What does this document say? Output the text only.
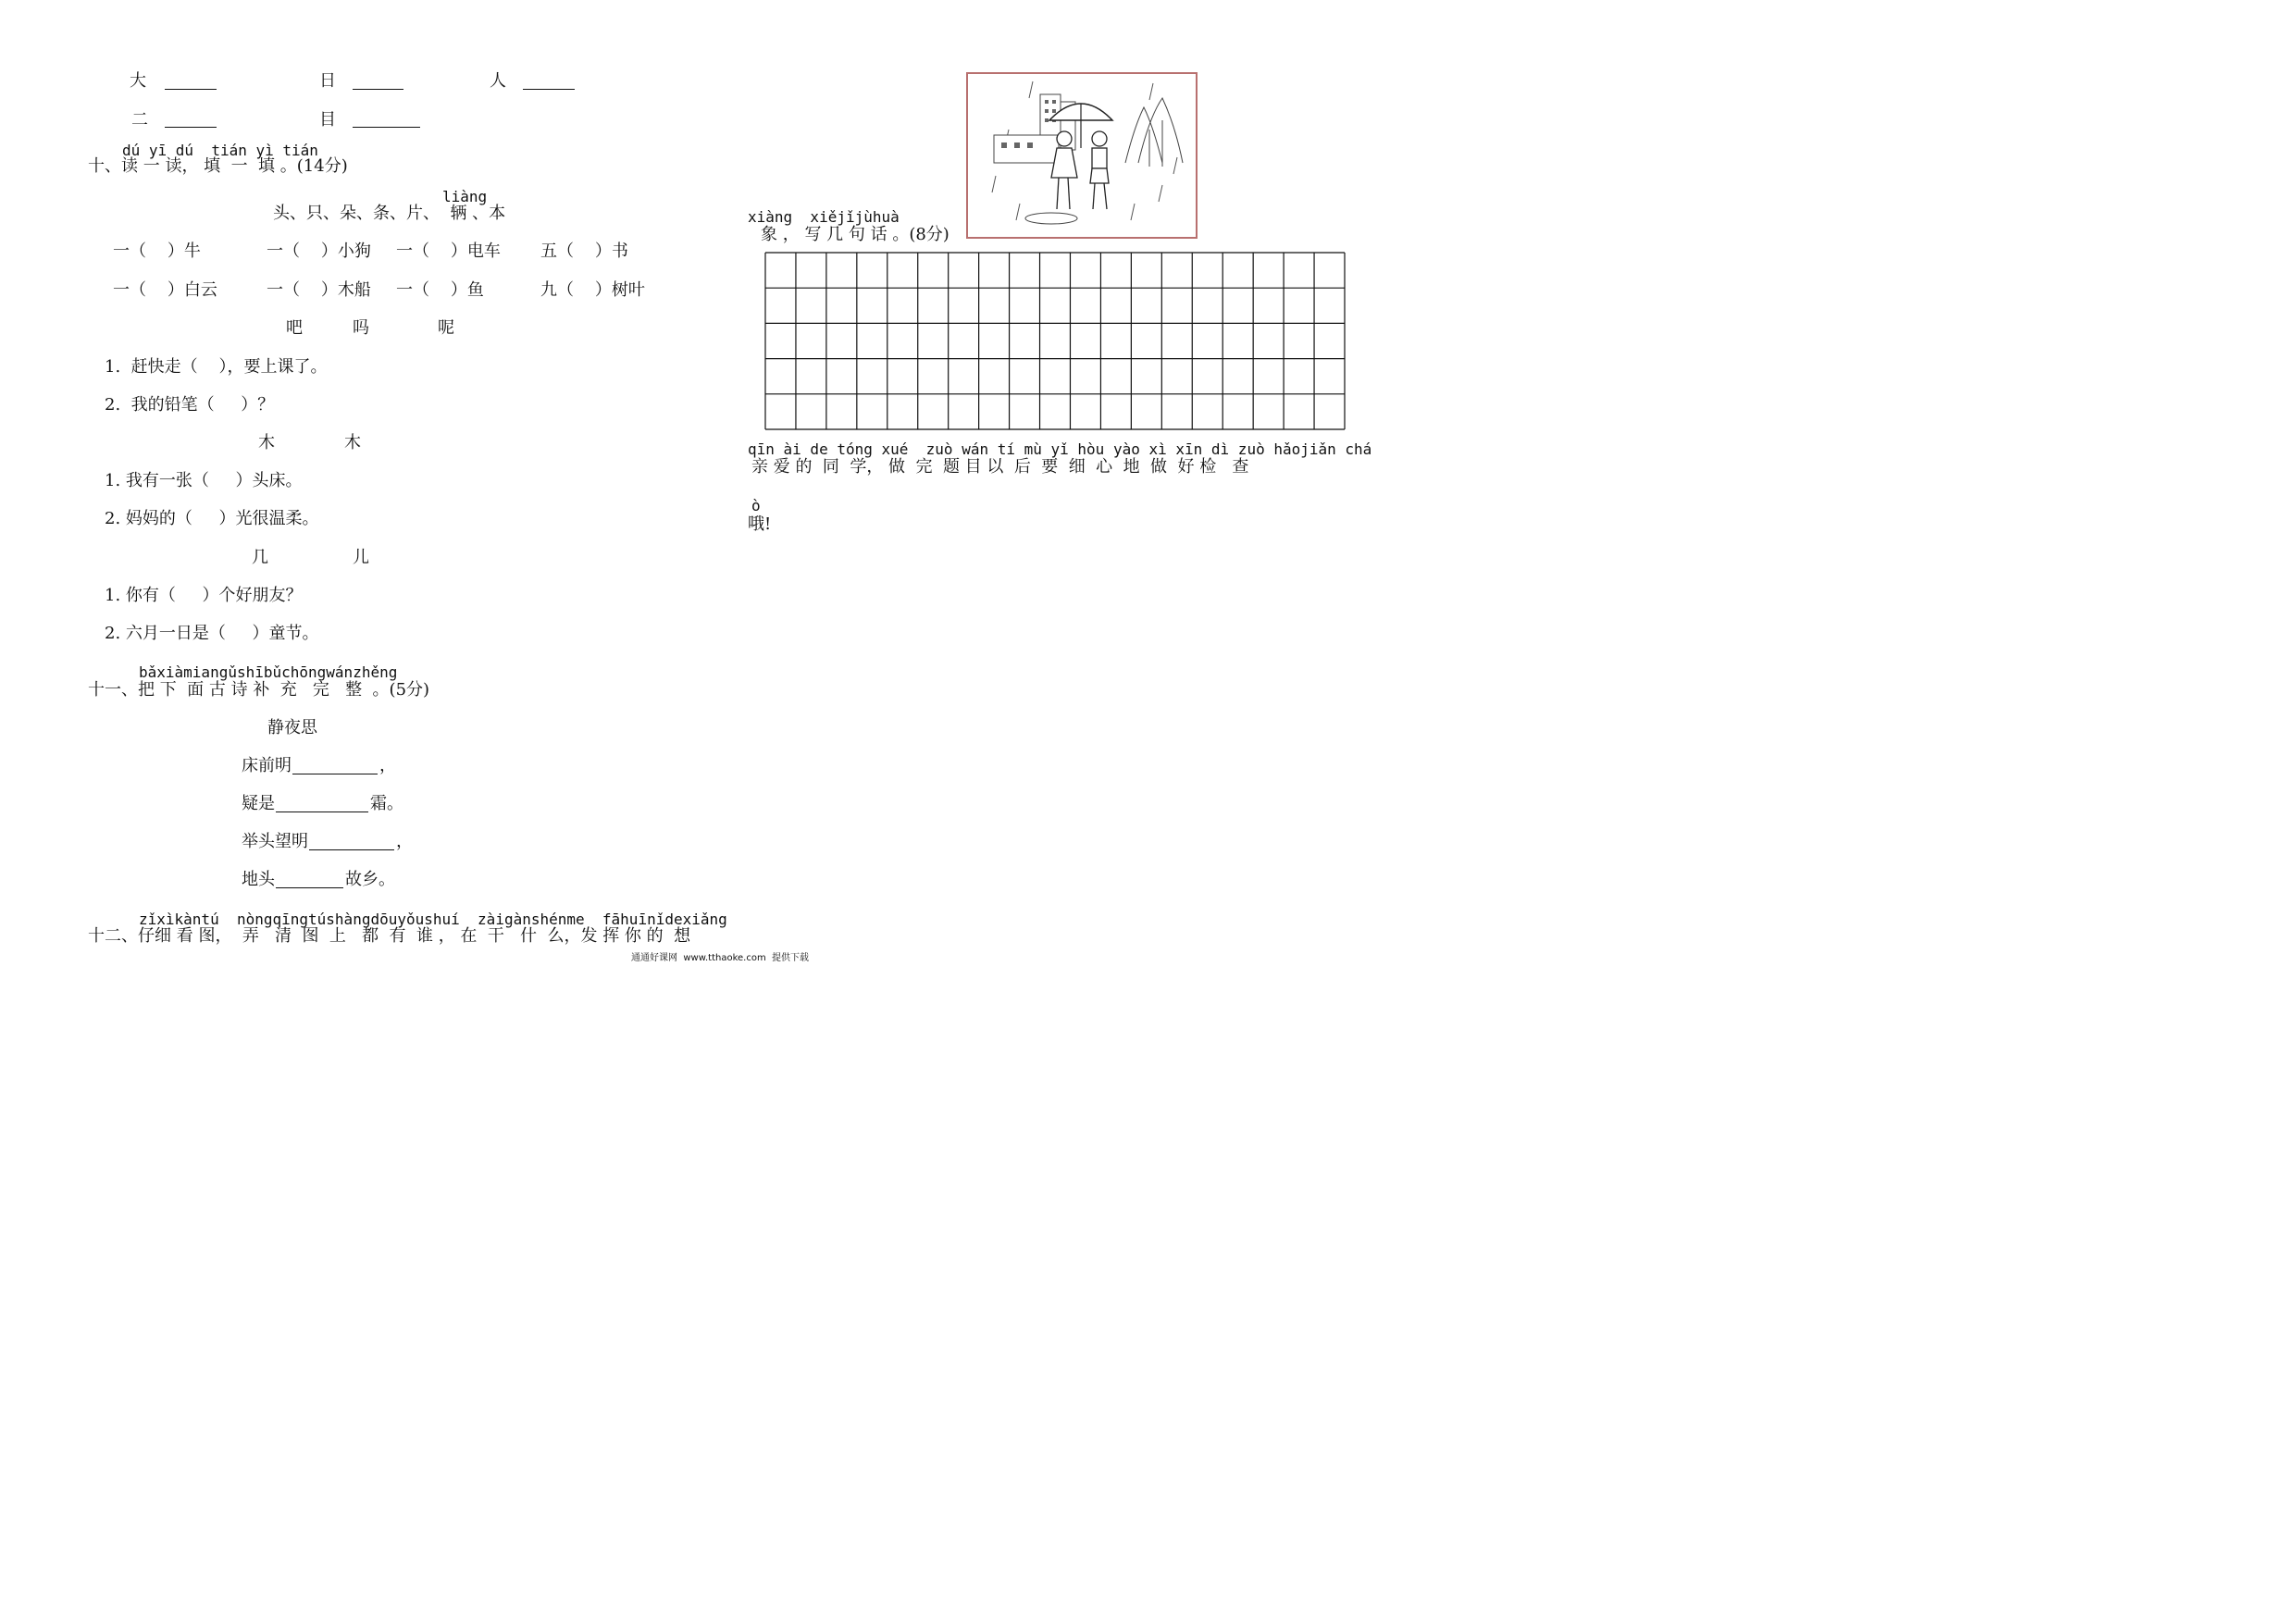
大	日	人
二	目
dú yī dú  tián yì tián
十、读 一 读， 填  一  填 。(14分)
liàng
头、只、朵、条、片、  辆 、本
一（    ）牛	一（    ）小狗 一（    ）电车 五（    ）书
一（    ）白云	一（    ）木船 一（    ）鱼	九（    ）树叶
吧	吗	呢
1.  赶快走（    ），要上课了。
2.  我的铅笔（     ）？
木	木
1. 我有一张（     ）头床。
2. 妈妈的（     ）光很温柔。
几	儿
1. 你有（     ）个好朋友？
2. 六月一日是（     ）童节。
bǎxiàmiangǔshībǔchōngwánzhěng
十一、把 下  面 古 诗 补  充   完   整  。(5分)
静夜思
床前明	，
疑是	霜。
举头望明	，
地头	故乡。
zǐxìkàntú  nòngqīngtúshàngdōuyǒushuí  zàigànshénme  fāhuīnǐdexiǎng
十二、仔细 看 图，  弄   清  图  上   都  有  谁 ， 在  干   什  么，发 挥 你 的  想
xiàng  xiějǐjùhuà
象 ， 写 几 句 话 。(8分)
qīn ài de tóng xué  zuò wán tí mù yǐ hòu yào xì xīn dì zuò hǎojiǎn chá
亲 爱 的  同  学， 做  完  题 目 以  后  要  细  心  地  做  好 检   查
ò
哦!
通通好课网  www.tthaoke.com  提供下载
